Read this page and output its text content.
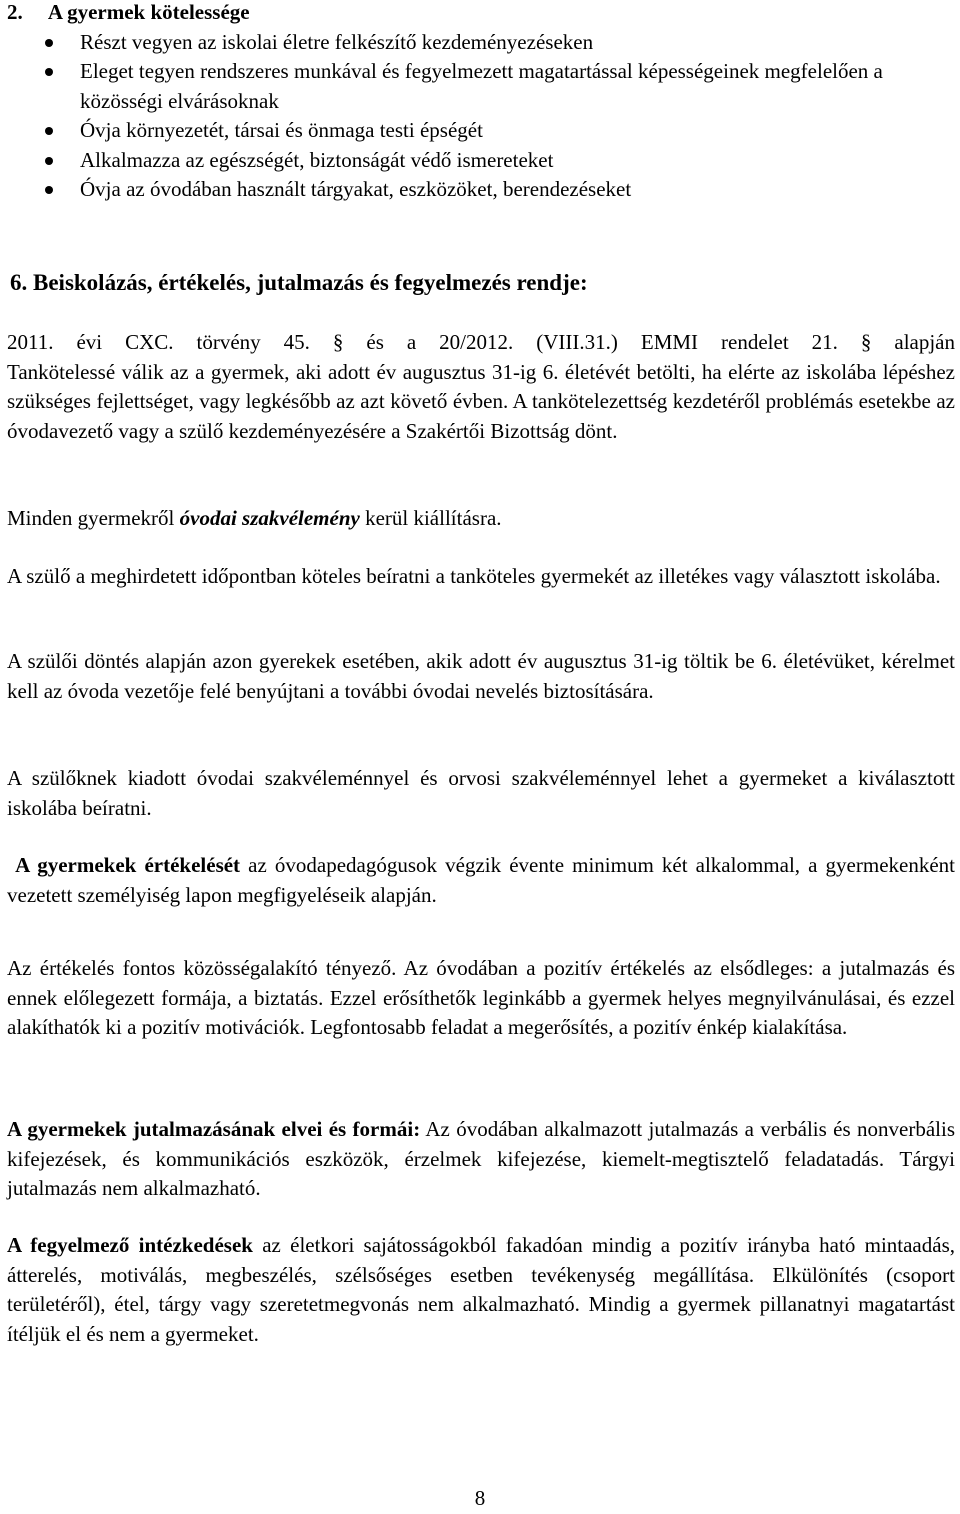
2.     A gyermek kötelessége

Részt vegyen az iskolai életre felkészítő kezdeményezéseken
Eleget tegyen rendszeres munkával és fegyelmezett magatartással képességeinek megfelelően a közösségi elvárásoknak
Óvja környezetét, társai és önmaga testi épségét
Alkalmazza az egészségét, biztonságát védő ismereteket
Óvja az óvodában használt tárgyakat, eszközöket, berendezéseket
6. Beiskolázás, értékelés, jutalmazás és fegyelmezés rendje:

2011. évi CXC. törvény 45. § és a 20/2012. (VIII.31.) EMMI rendelet 21. § alapján

Tankötelessé válik az a gyermek, aki adott év augusztus 31-ig 6. életévét betölti, ha elérte az iskolába lépéshez szükséges fejlettséget, vagy legkésőbb az azt követő évben. A tankötelezettség kezdetéről problémás esetekbe az óvodavezető vagy a szülő kezdeményezésére a Szakértői Bizottság dönt.

Minden gyermekről óvodai szakvélemény kerül kiállításra.

A szülő a meghirdetett időpontban köteles beíratni a tanköteles gyermekét az illetékes vagy választott iskolába.

A szülői döntés alapján azon gyerekek esetében, akik adott év augusztus 31-ig töltik be 6. életévüket, kérelmet kell az óvoda vezetője felé benyújtani a további óvodai nevelés biztosítására.

A szülőknek kiadott óvodai szakvéleménnyel és orvosi szakvéleménnyel lehet a gyermeket a kiválasztott iskolába beíratni.

A gyermekek értékelését az óvodapedagógusok végzik évente minimum két alkalommal, a gyermekenként vezetett személyiség lapon megfigyeléseik alapján.

Az értékelés fontos közösségalakító tényező. Az óvodában a pozitív értékelés az elsődleges: a jutalmazás és ennek előlegezett formája, a biztatás. Ezzel erősíthetők leginkább a gyermek helyes megnyilvánulásai, és ezzel alakíthatók ki a pozitív motivációk. Legfontosabb feladat a megerősítés, a pozitív énkép kialakítása.

A gyermekek jutalmazásának elvei és formái: Az óvodában alkalmazott jutalmazás a verbális és nonverbális kifejezések, és kommunikációs eszközök, érzelmek kifejezése, kiemelt-megtisztelő feladatadás. Tárgyi jutalmazás nem alkalmazható.

A fegyelmező intézkedések az életkori sajátosságokból fakadóan mindig a pozitív irányba ható mintaadás, átterelés, motiválás, megbeszélés, szélsőséges esetben tevékenység megállítása. Elkülönítés (csoport területéről), étel, tárgy vagy szeretetmegvonás nem alkalmazható. Mindig a gyermek pillanatnyi magatartást ítéljük el és nem a gyermeket.

8
